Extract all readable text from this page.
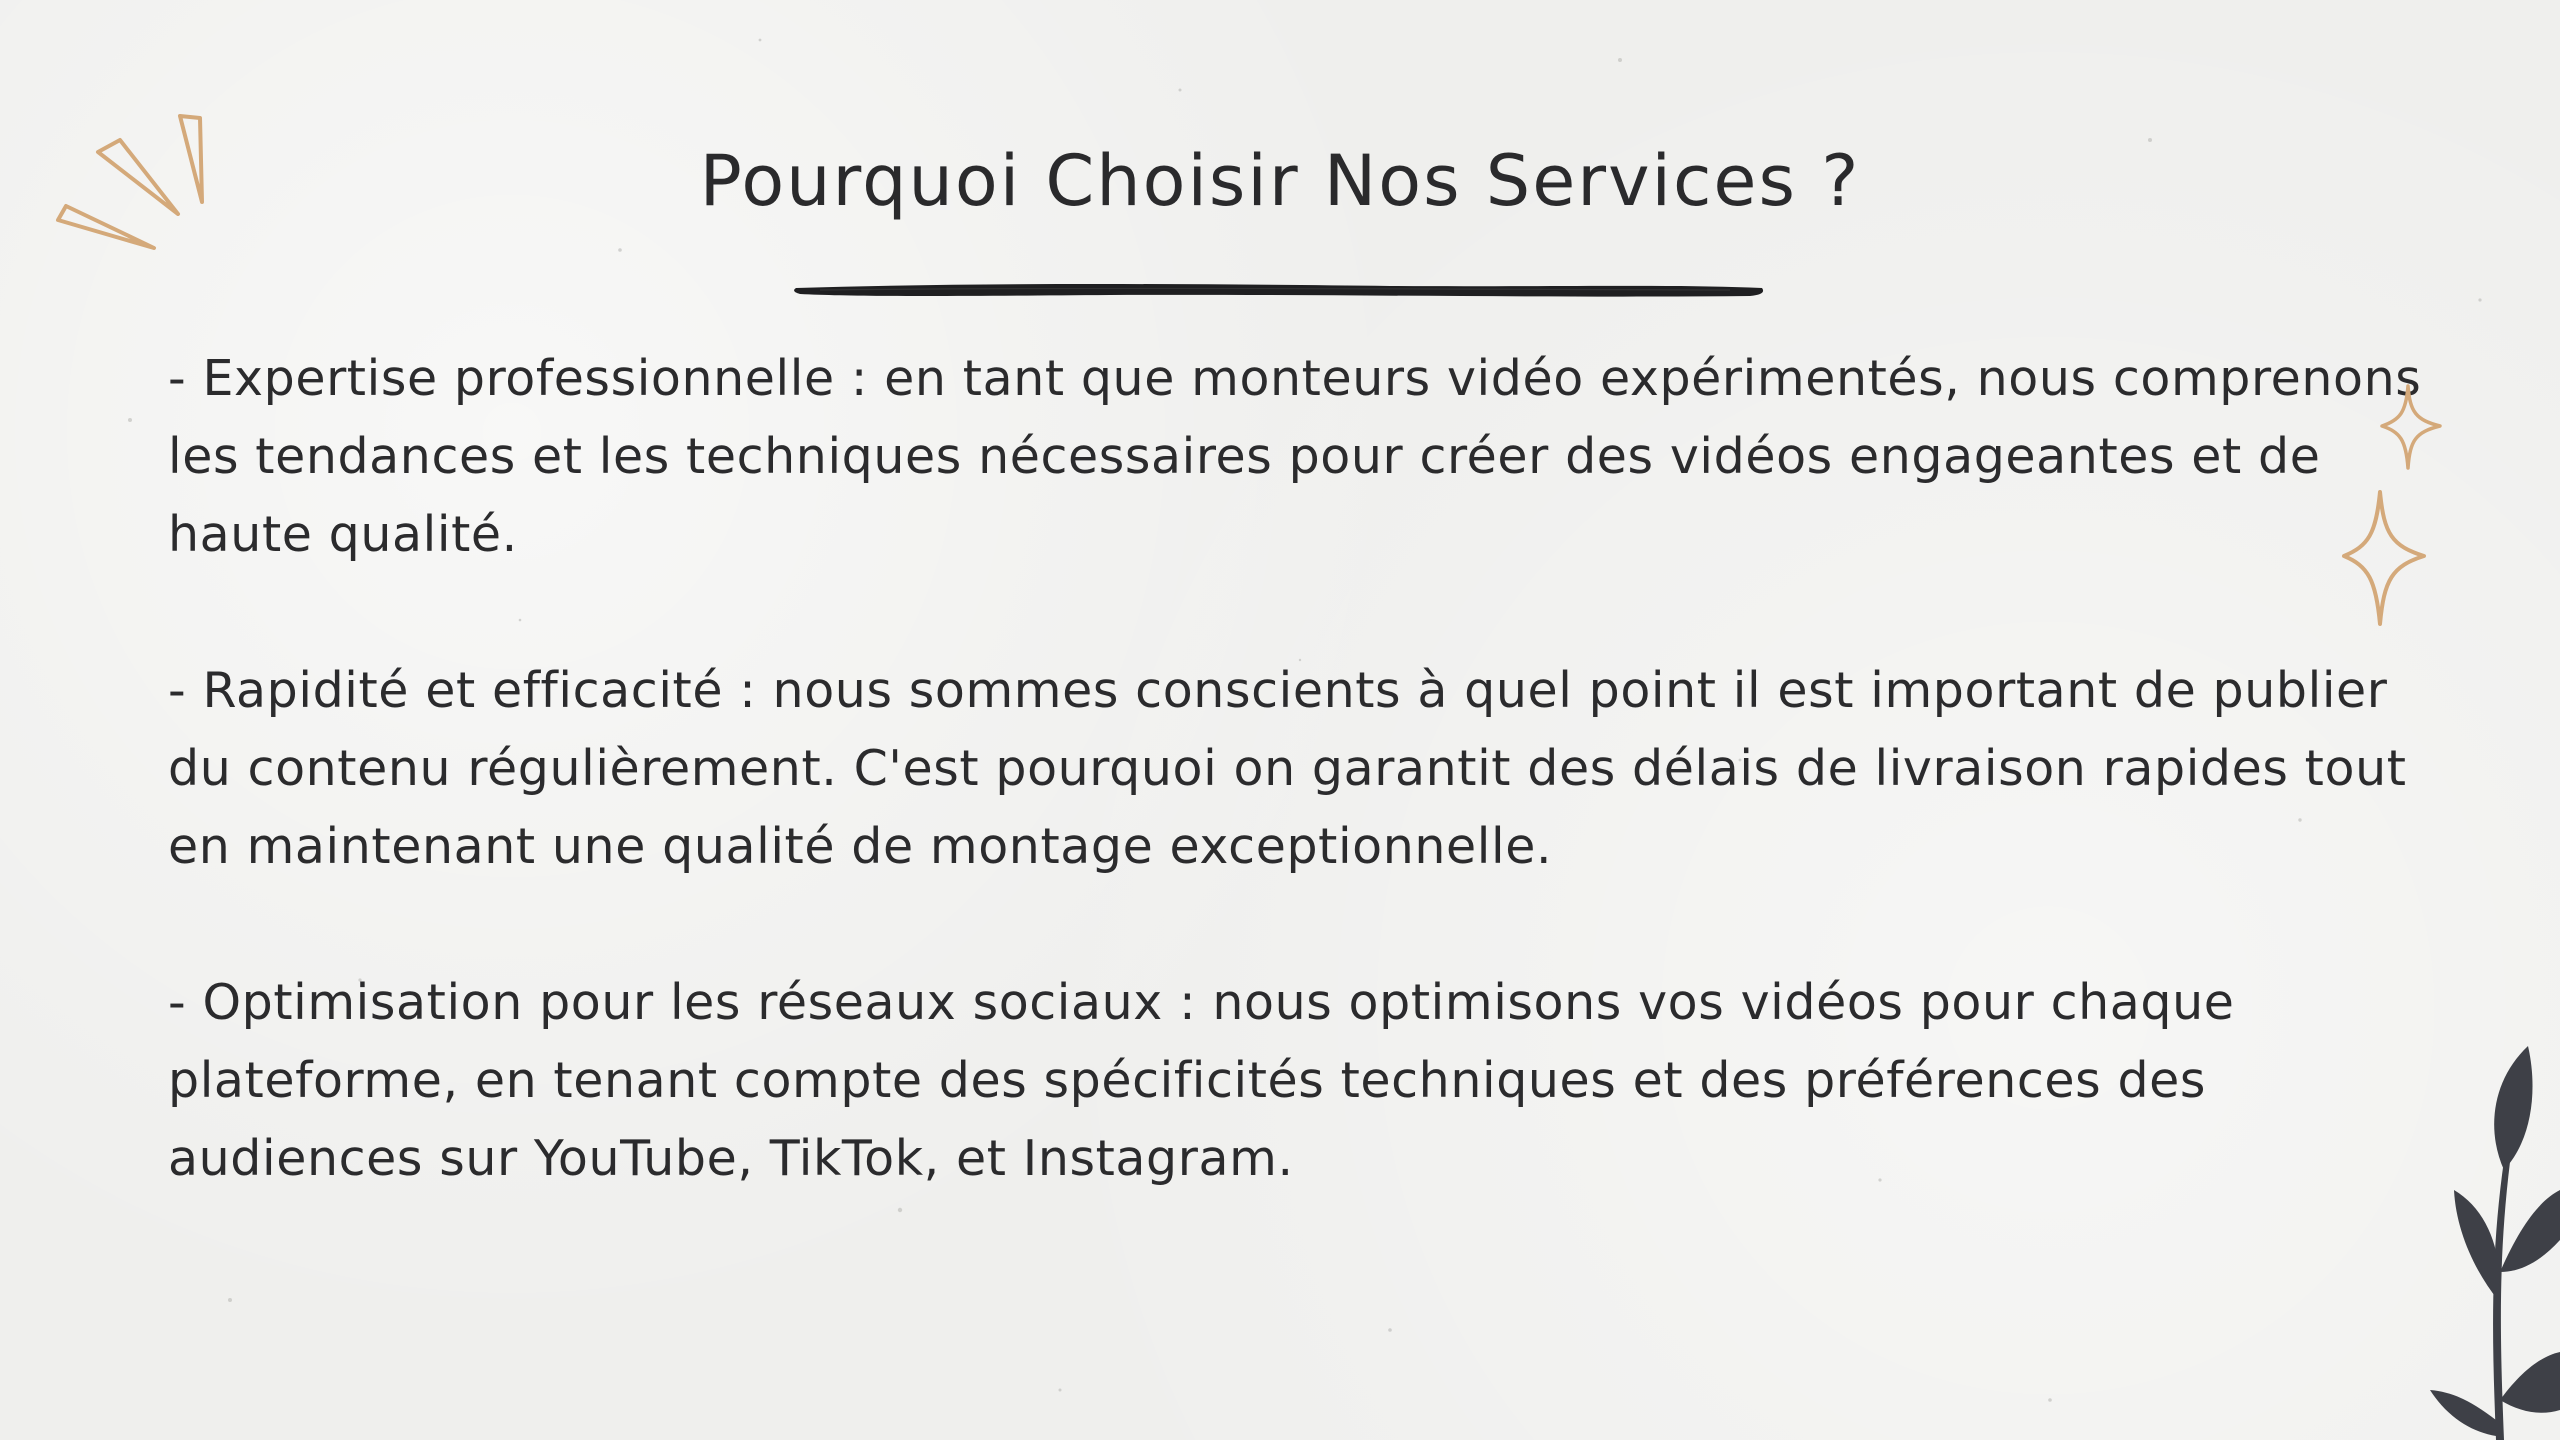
Pourquoi Choisir Nos Services ?

- Expertise professionnelle : en tant que monteurs vidéo expérimentés, nous comprenons les tendances et les techniques nécessaires pour créer des vidéos engageantes et de haute qualité.

- Rapidité et efficacité : nous sommes conscients à quel point il est important de publier du contenu régulièrement. C'est pourquoi on garantit des délais de livraison rapides tout en maintenant une qualité de montage exceptionnelle.

- Optimisation pour les réseaux sociaux : nous optimisons vos vidéos pour chaque plateforme, en tenant compte des spécificités techniques et des préférences des audiences sur YouTube, TikTok, et Instagram.
